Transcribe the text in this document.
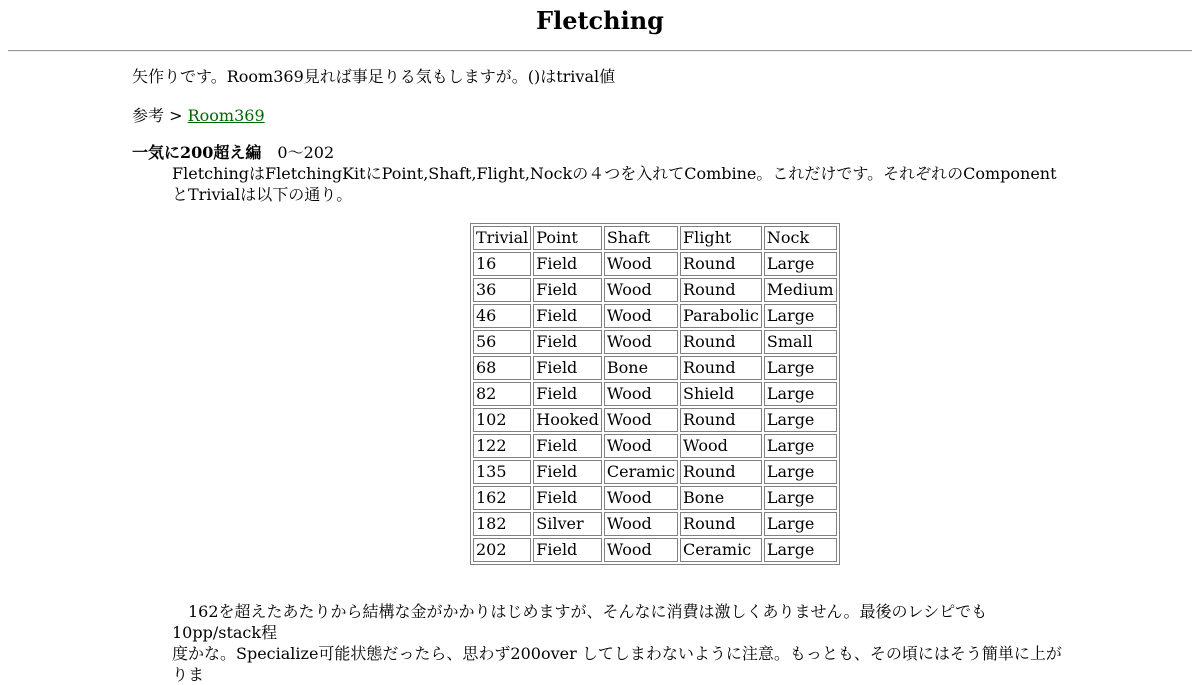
Fletching

矢作りです。Room369見れば事足りる気もしますが。()はtrival値

参考 > Room369

一気に200超え編　 0～202

FletchingはFletchingKitにPoint,Shaft,Flight,Nockの４つを入れてCombine。これだけです。それぞれのComponentとTrivialは以下の通り。

Trivial	Point	Shaft	Flight	Nock
16	Field	Wood	Round	Large
36	Field	Wood	Round	Medium
46	Field	Wood	Parabolic	Large
56	Field	Wood	Round	Small
68	Field	Bone	Round	Large
82	Field	Wood	Shield	Large
102	Hooked	Wood	Round	Large
122	Field	Wood	Wood	Large
135	Field	Ceramic	Round	Large
162	Field	Wood	Bone	Large
182	Silver	Wood	Round	Large
202	Field	Wood	Ceramic	Large

162を超えたあたりから結構な金がかかりはじめますが、そんなに消費は激しくありません。最後のレシピでも10pp/stack程
度かな。Specialize可能状態だったら、思わず200over してしまわないように注意。もっとも、その頃にはそう簡単に上がりま
